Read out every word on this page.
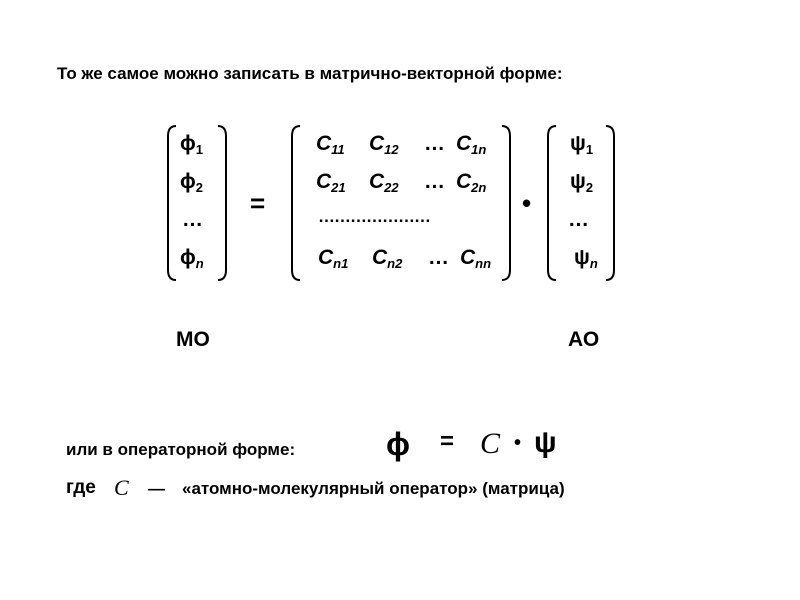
То же самое можно записать в матрично-векторной форме:
$\phi_1$
$\phi_2$
…
$\phi_n$
=
$C_{11}$ $C_{12}$ … $C_{1n}$
$C_{21}$ $C_{22}$ … $C_{2n}$
…………………
$C_{n1}$ $C_{n2}$ … $C_{nn}$
•
$\psi_1$
$\psi_2$
…
$\psi_n$
МО	АО
или в операторной форме:	ϕ = C • ψ
где C — «атомно-молекулярный оператор» (матрица)
